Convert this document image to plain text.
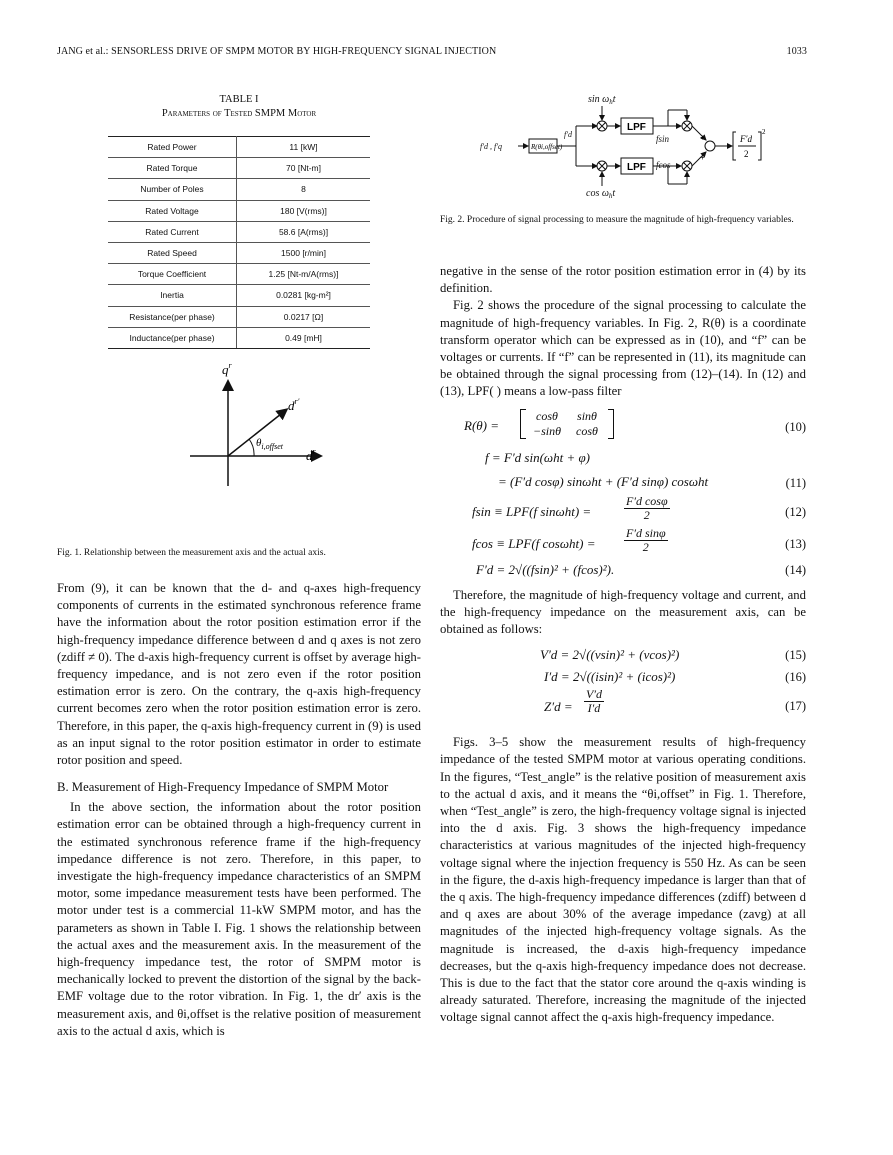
JANG et al.: SENSORLESS DRIVE OF SMPM MOTOR BY HIGH-FREQUENCY SIGNAL INJECTION	1033
TABLE I
Parameters of Tested SMPM Motor
Rated Power	11 [kW]
Rated Torque	70 [Nt-m]
Number of Poles	8
Rated Voltage	180 [V(rms)]
Rated Current	58.6 [A(rms)]
Rated Speed	1500 [r/min]
Torque Coefficient	1.25 [Nt-m/A(rms)]
Inertia	0.0281 [kg-m²]
Resistance(per phase)	0.0217 [Ω]
Inductance(per phase)	0.49 [mH]
$q^r$
$d^r$
$d^{r'}$
$\theta_{i,offset}$
Fig. 1. Relationship between the measurement axis and the actual axis.
$\sin \omega_ht$
$\cos \omega_ht$
f′d , f′q
f′d	fsin
fcos
R(θi,offset)
LPF
LPF
+
+
F′d
2
2
Fig. 2. Procedure of signal processing to measure the magnitude of high-frequency variables.

From (9), it can be known that the d- and q-axes high-frequency components of currents in the estimated synchronous reference frame have the information about the rotor position estimation error if the high-frequency impedance difference between d and q axes is not zero (zdiff ≠ 0). The d-axis high-frequency current is offset by average high-frequency impedance, and is not zero even if the rotor position estimation error is zero. On the contrary, the q-axis high-frequency current becomes zero when the rotor position estimation error is zero. Therefore, in this paper, the q-axis high-frequency current in (9) is used as an input signal to the rotor position estimator in order to estimate rotor position and speed.

B. Measurement of High-Frequency Impedance of SMPM Motor

In the above section, the information about the rotor position estimation error can be obtained through a high-frequency current in the estimated synchronous reference frame if the high-frequency impedance difference is not zero. Therefore, in this paper, to investigate the high-frequency impedance characteristics of an SMPM motor, some impedance measurement tests have been performed. The motor under test is a commercial 11-kW SMPM motor, and has the parameters as shown in Table I. Fig. 1 shows the relationship between the actual axes and the measurement axis. In the measurement of the high-frequency impedance test, the rotor of SMPM motor is mechanically locked to prevent the distortion of the signal by the back-EMF voltage due to the rotor vibration. In Fig. 1, the dr′ axis is the measurement axis, and θi,offset is the relative position of measurement axis to the actual d axis, which is

negative in the sense of the rotor position estimation error in (4) by its definition.

Fig. 2 shows the procedure of the signal processing to calculate the magnitude of high-frequency variables. In Fig. 2, R(θ) is a coordinate transform operator which can be expressed as in (10), and “f” can be voltages or currents. If “f” can be represented in (11), its magnitude can be obtained through the signal processing from (12)–(14). In (12) and (13), LPF( ) means a low-pass filter

R(θ) =
cosθ
−sinθsinθ
cosθ	(10)
f = F′d sin(ωht + φ)
= (F′d cosφ) sinωht + (F′d sinφ) cosωht	(11)
fsin ≡ LPF(f sinωht) =	$\frac{\text{F′d cosφ}}{2}$	(12)
fcos ≡ LPF(f $\cos\omega ht) = \frac{\text{F′d sinφ}}{2}$	(13)
F′d = 2√((fsin)² + (fcos)²).	(14)

Therefore, the magnitude of high-frequency voltage and current, and the high-frequency impedance on the measurement axis, can be obtained as follows:

V′d = 2√((vsin)² + (vcos)²)	(15)
I′d = 2√((isin)² + (icos)²)	(16)
$Z'd = \frac{V'd}{I'd}$	(17)

Figs. 3–5 show the measurement results of high-frequency impedance of the tested SMPM motor at various operating conditions. In the figures, “Test_angle” is the relative position of measurement axis to the actual d axis, and it means the “θi,offset” in Fig. 1. Therefore, when “Test_angle” is zero, the high-frequency voltage signal is injected into the d axis. Fig. 3 shows the high-frequency impedance characteristics at various magnitudes of the injected high-frequency voltage signal where the injection frequency is 550 Hz. As can be seen in the figure, the d-axis high-frequency impedance is larger than that of the q axis. The high-frequency impedance differences (zdiff) between d and q axes are about 30% of the average impedance (zavg) at all magnitudes of the injected high-frequency voltage signals. As the magnitude is increased, the d-axis high-frequency impedance decreases, but the q-axis high-frequency impedance does not decrease. This is due to the fact that the stator core around the q-axis winding is already saturated. Therefore, increasing the magnitude of the injected voltage signal cannot affect the q-axis high-frequency impedance.
